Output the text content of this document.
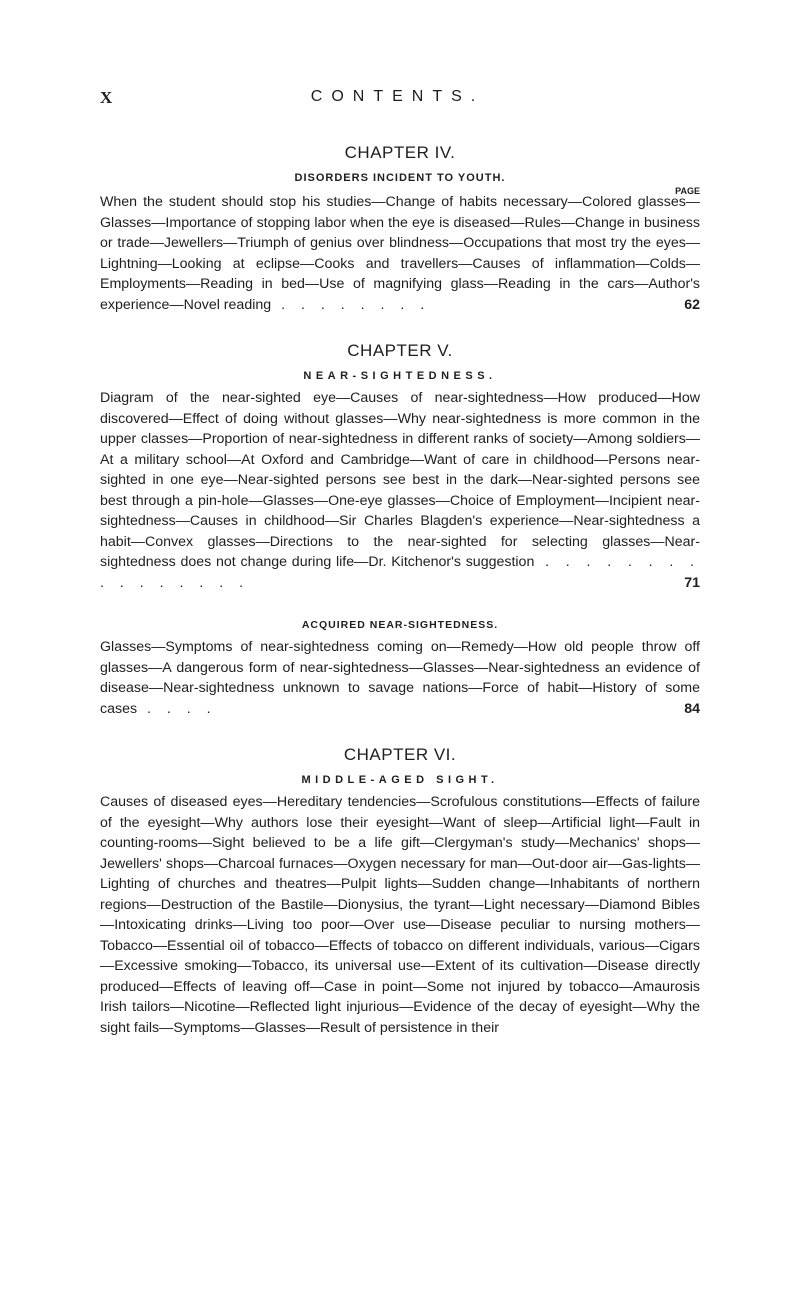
X	CONTENTS.
CHAPTER IV.
DISORDERS INCIDENT TO YOUTH.
PAGE

When the student should stop his studies—Change of habits necessary—Colored glasses—Glasses—Importance of stopping labor when the eye is diseased—Rules—Change in business or trade—Jewellers—Triumph of genius over blindness—Occupations that most try the eyes—Lightning—Looking at eclipse—Cooks and travellers—Causes of inflammation—Colds—Employments—Reading in bed—Use of magnifying glass—Reading in the cars—Author's experience—Novel reading . . . . . . . .	62

CHAPTER V.
NEAR-SIGHTEDNESS.

Diagram of the near-sighted eye—Causes of near-sightedness—How produced—How discovered—Effect of doing without glasses—Why near-sightedness is more common in the upper classes—Proportion of near-sightedness in different ranks of society—Among soldiers—At a military school—At Oxford and Cambridge—Want of care in childhood—Persons near-sighted in one eye—Near-sighted persons see best in the dark—Near-sighted persons see best through a pin-hole—Glasses—One-eye glasses—Choice of Employment—Incipient near-sightedness—Causes in childhood—Sir Charles Blagden's experience—Near-sightedness a habit—Convex glasses—Directions to the near-sighted for selecting glasses—Near-sightedness does not change during life—Dr. Kitchenor's suggestion . . . . . . . . . . . . . . . .	71

ACQUIRED NEAR-SIGHTEDNESS.

Glasses—Symptoms of near-sightedness coming on—Remedy—How old people throw off glasses—A dangerous form of near-sightedness—Glasses—Near-sightedness an evidence of disease—Near-sightedness unknown to savage nations—Force of habit—History of some cases . . . .	84

CHAPTER VI.
MIDDLE-AGED SIGHT.

Causes of diseased eyes—Hereditary tendencies—Scrofulous constitutions—Effects of failure of the eyesight—Why authors lose their eyesight—Want of sleep—Artificial light—Fault in counting-rooms—Sight believed to be a life gift—Clergyman's study—Mechanics' shops—Jewellers' shops—Charcoal furnaces—Oxygen necessary for man—Out-door air—Gas-lights—Lighting of churches and theatres—Pulpit lights—Sudden change—Inhabitants of northern regions—Destruction of the Bastile—Dionysius, the tyrant—Light necessary—Diamond Bibles—Intoxicating drinks—Living too poor—Over use—Disease peculiar to nursing mothers—Tobacco—Essential oil of tobacco—Effects of tobacco on different individuals, various—Cigars—Excessive smoking—Tobacco, its universal use—Extent of its cultivation—Disease directly produced—Effects of leaving off—Case in point—Some not injured by tobacco—Amaurosis Irish tailors—Nicotine—Reflected light injurious—Evidence of the decay of eyesight—Why the sight fails—Symptoms—Glasses—Result of persistence in their
